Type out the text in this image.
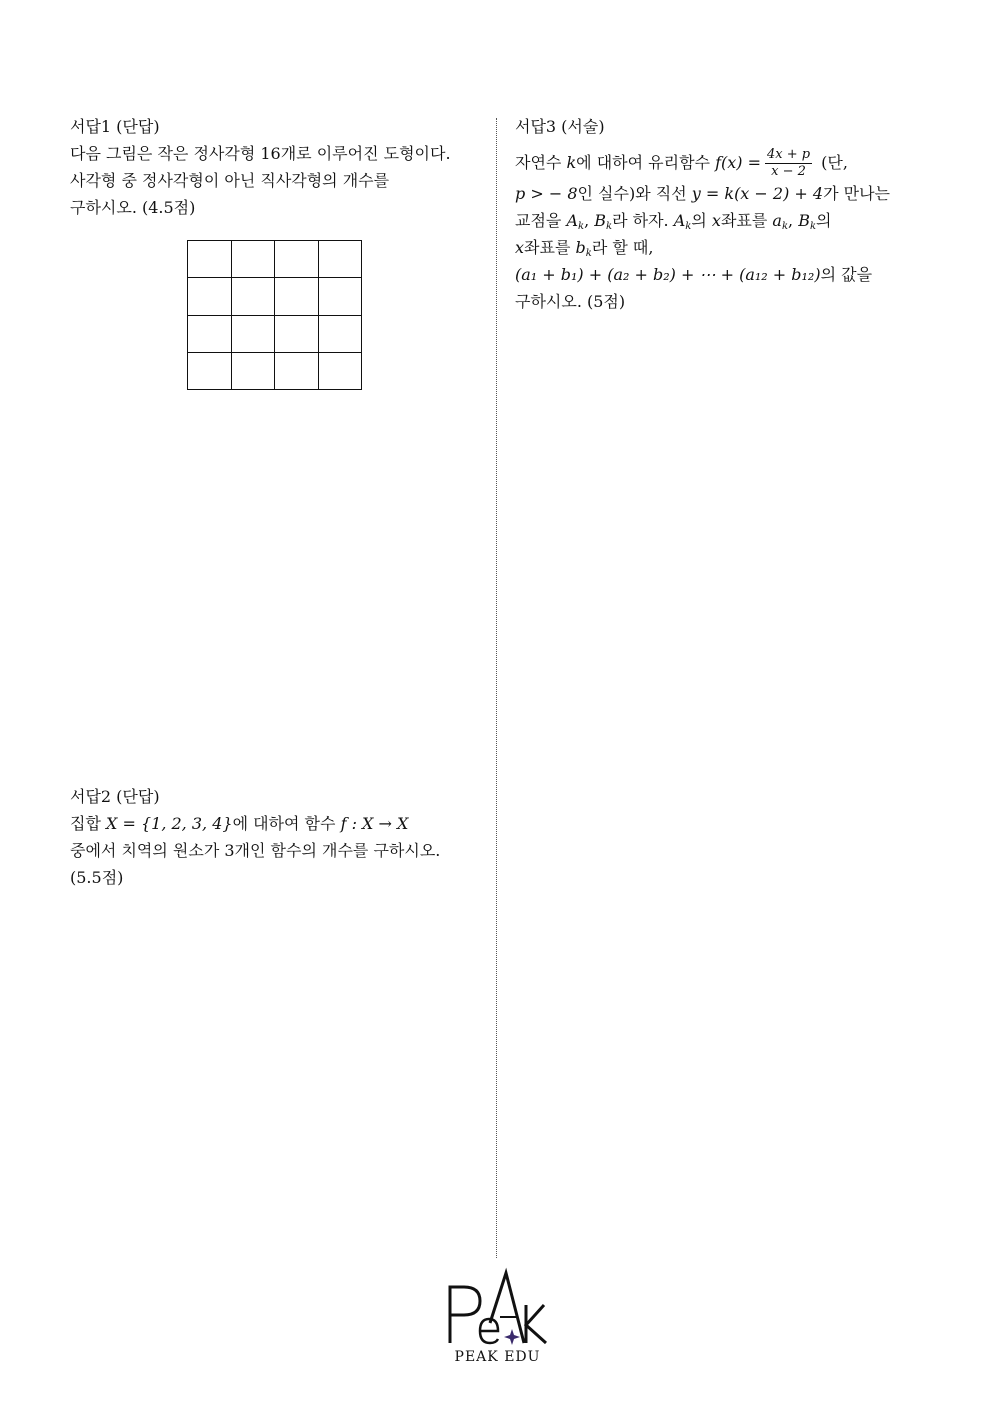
서답1 (단답)

다음 그림은 작은 정사각형 16개로 이루어진 도형이다.

사각형 중 정사각형이 아닌 직사각형의 개수를

구하시오. (4.5점)

서답2 (단답)

집합 X = {1, 2, 3, 4}에 대하여 함수 f : X → X

중에서 치역의 원소가 3개인 함수의 개수를 구하시오.

(5.5점)

서답3 (서술)

자연수 k에 대하여 유리함수 $f(x) = \frac{4x + p}{x - 2}$ (단,

p > − 8인 실수)와 직선 y = k(x − 2) + 4가 만나는

교점을 $A_k$, $B_k$라 하자. $A_k$의 x좌표를 $a_k$, $B_k$의

x좌표를 $b_k$라 할 때,

(a₁ + b₁) + (a₂ + b₂) + ⋯ + (a₁₂ + b₁₂)의 값을

구하시오. (5점)

PEAK EDU
